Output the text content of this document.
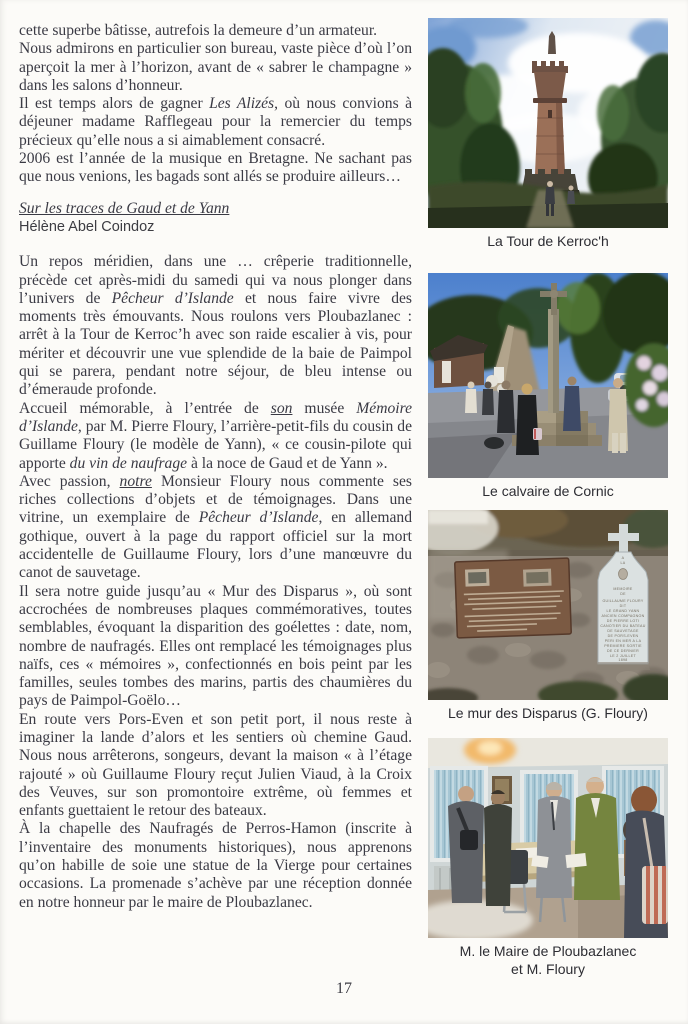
cette superbe bâtisse, autrefois la demeure d’un armateur.

Nous admirons en particulier son bureau, vaste pièce d’où l’on aperçoit la mer à l’horizon, avant de « sabrer le champagne » dans les salons d’honneur.

Il est temps alors de gagner Les Alizés, où nous convions à déjeuner madame Rafflegeau pour la remercier du temps précieux qu’elle nous a si aimablement consacré.

2006 est l’année de la musique en Bretagne. Ne sachant pas que nous venions, les bagads sont allés se produire ailleurs…

Sur les traces de Gaud et de Yann

Hélène Abel Coindoz

Un repos méridien, dans une … crêperie traditionnelle, précède cet après-midi du samedi qui va nous plonger dans l’univers de Pêcheur d’Islande et nous faire vivre des moments très émouvants. Nous roulons vers Ploubazlanec : arrêt à la Tour de Kerroc’h avec son raide escalier à vis, pour mériter et découvrir une vue splendide de la baie de Paimpol qui se parera, pendant notre séjour, de bleu intense ou d’émeraude profonde.

Accueil mémorable, à l’entrée de son musée Mémoire d’Islande, par M. Pierre Floury, l’arrière-petit-fils du cousin de Guillame Floury (le modèle de Yann), « ce cousin-pilote qui apporte du vin de naufrage à la noce de Gaud et de Yann ».

Avec passion, notre Monsieur Floury nous commente ses riches collections d’objets et de témoignages. Dans une vitrine, un exemplaire de Pêcheur d’Islande, en allemand gothique, ouvert à la page du rapport officiel sur la mort accidentelle de Guillaume Floury, lors d’une manœuvre du canot de sauvetage.

Il sera notre guide jusqu’au « Mur des Disparus », où sont accrochées de nombreuses plaques commémoratives, toutes semblables, évoquant la disparition des goélettes : date, nom, nombre de naufragés. Elles ont remplacé les témoignages plus naïfs, ces « mémoires », confectionnés en bois peint par les familles, seules tombes des marins, partis des chaumières du pays de Paimpol-Goëlo…

En route vers Pors-Even et son petit port, il nous reste à imaginer la lande d’alors et les sentiers où chemine Gaud. Nous nous arrêterons, songeurs, devant la maison « à l’étage rajouté » où Guillaume Floury reçut Julien Viaud, à la Croix des Veuves, sur son promontoire extrême, où femmes et enfants guettaient le retour des bateaux.

À la chapelle des Naufragés de Perros-Hamon (inscrite à l’inventaire des monuments historiques), nous apprenons qu’on habille de soie une statue de la Vierge pour certaines occasions. La promenade s’achève par une réception donnée en notre honneur par le maire de Ploubazlanec.

La Tour de Kerroc'h
Le calvaire de Cornic
A
LA
MEMOIRE
DE
GUILLAUME FLOURY
DIT
LE GRAND YANN
ANCIEN COMPAGNON
DE PIERRE LOTI
CANOTIER DU BATEAU
DE SAUVETAGE
DE PORS-EVEN
PERI EN MER A LA
PREMIERE SORTIE
DE CE DERNIER
LE 2 JUILLET
1898
Le mur des Disparus (G. Floury)
M. le Maire de Ploubazlanec
et M. Floury
17
